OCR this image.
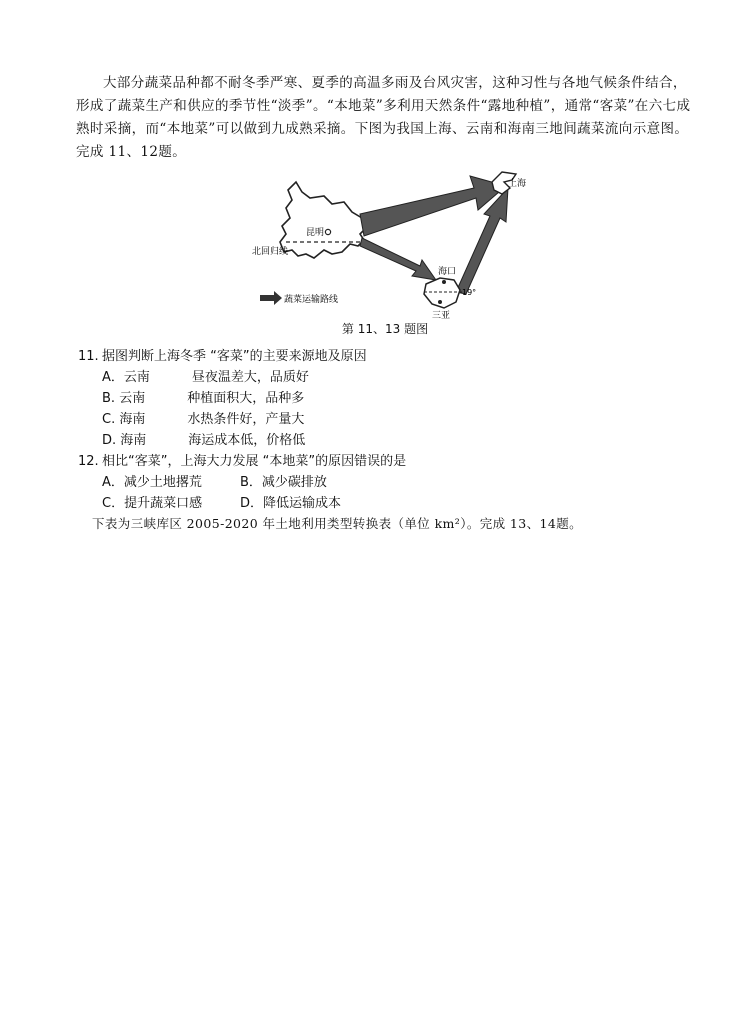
大部分蔬菜品种都不耐冬季严寒、夏季的高温多雨及台风灾害，这种习性与各地气候条件结合，形成了蔬菜生产和供应的季节性“淡季”。“本地菜”多利用天然条件“露地种植”，通常“客菜”在六七成熟时采摘，而“本地菜”可以做到九成熟采摘。下图为我国上海、云南和海南三地间蔬菜流向示意图。完成 11、12题。
昆明
北回归线
上海
海口
19°
三亚
蔬菜运输路线
第 11、13 题图
11. 据图判断上海冬季 “客菜”的主要来源地及原因
A．云南	昼夜温差大，品质好
B. 云南	种植面积大，品种多
C. 海南	水热条件好，产量大
D. 海南	海运成本低，价格低
12. 相比“客菜”，上海大力发展 “本地菜”的原因错误的是
A．减少土地撂荒	B．减少碳排放
C．提升蔬菜口感	D．降低运输成本
下表为三峡库区 2005-2020 年土地利用类型转换表（单位 km²）。完成 13、14题。
